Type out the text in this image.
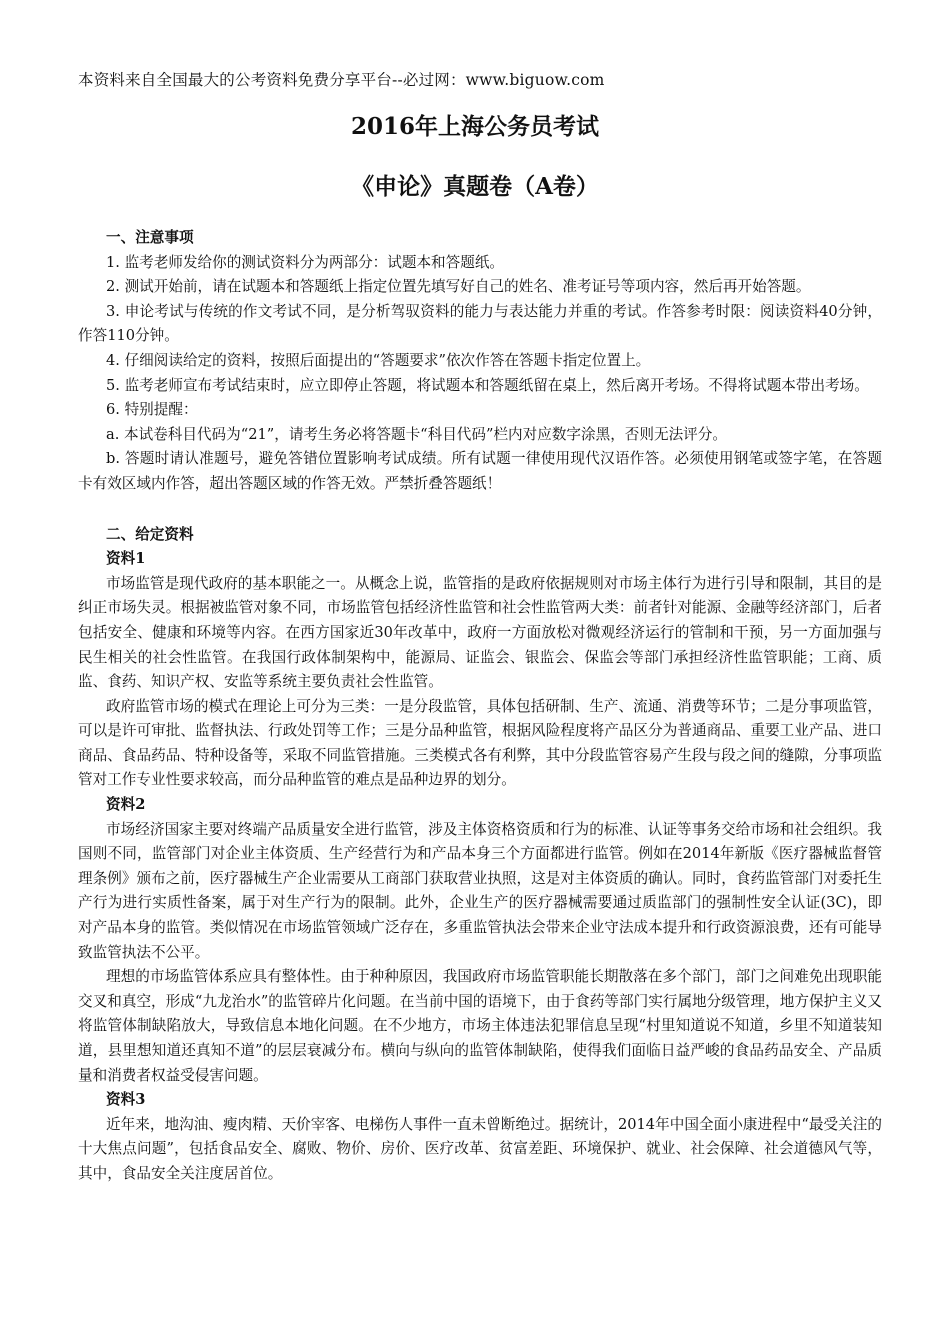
本资料来自全国最大的公考资料免费分享平台--必过网：www.biguow.com
2016年上海公务员考试
《申论》真题卷（A卷）

一、注意事项

1. 监考老师发给你的测试资料分为两部分：试题本和答题纸。

2. 测试开始前，请在试题本和答题纸上指定位置先填写好自己的姓名、准考证号等项内容，然后再开始答题。

3. 申论考试与传统的作文考试不同，是分析驾驭资料的能力与表达能力并重的考试。作答参考时限：阅读资料40分钟，作答110分钟。

4. 仔细阅读给定的资料，按照后面提出的“答题要求”依次作答在答题卡指定位置上。

5. 监考老师宣布考试结束时，应立即停止答题，将试题本和答题纸留在桌上，然后离开考场。不得将试题本带出考场。

6. 特别提醒：

a. 本试卷科目代码为“21”，请考生务必将答题卡“科目代码”栏内对应数字涂黑，否则无法评分。

b. 答题时请认准题号，避免答错位置影响考试成绩。所有试题一律使用现代汉语作答。必须使用钢笔或签字笔，在答题卡有效区域内作答，超出答题区域的作答无效。严禁折叠答题纸！

二、给定资料

资料1

市场监管是现代政府的基本职能之一。从概念上说，监管指的是政府依据规则对市场主体行为进行引导和限制，其目的是纠正市场失灵。根据被监管对象不同，市场监管包括经济性监管和社会性监管两大类：前者针对能源、金融等经济部门，后者包括安全、健康和环境等内容。在西方国家近30年改革中，政府一方面放松对微观经济运行的管制和干预，另一方面加强与民生相关的社会性监管。在我国行政体制架构中，能源局、证监会、银监会、保监会等部门承担经济性监管职能；工商、质监、食药、知识产权、安监等系统主要负责社会性监管。

政府监管市场的模式在理论上可分为三类：一是分段监管，具体包括研制、生产、流通、消费等环节；二是分事项监管，可以是许可审批、监督执法、行政处罚等工作；三是分品种监管，根据风险程度将产品区分为普通商品、重要工业产品、进口商品、食品药品、特种设备等，采取不同监管措施。三类模式各有利弊，其中分段监管容易产生段与段之间的缝隙，分事项监管对工作专业性要求较高，而分品种监管的难点是品种边界的划分。

资料2

市场经济国家主要对终端产品质量安全进行监管，涉及主体资格资质和行为的标准、认证等事务交给市场和社会组织。我国则不同，监管部门对企业主体资质、生产经营行为和产品本身三个方面都进行监管。例如在2014年新版《医疗器械监督管理条例》颁布之前，医疗器械生产企业需要从工商部门获取营业执照，这是对主体资质的确认。同时，食药监管部门对委托生产行为进行实质性备案，属于对生产行为的限制。此外，企业生产的医疗器械需要通过质监部门的强制性安全认证(3C)，即对产品本身的监管。类似情况在市场监管领域广泛存在，多重监管执法会带来企业守法成本提升和行政资源浪费，还有可能导致监管执法不公平。

理想的市场监管体系应具有整体性。由于种种原因，我国政府市场监管职能长期散落在多个部门，部门之间难免出现职能交叉和真空，形成“九龙治水”的监管碎片化问题。在当前中国的语境下，由于食药等部门实行属地分级管理，地方保护主义又将监管体制缺陷放大，导致信息本地化问题。在不少地方，市场主体违法犯罪信息呈现“村里知道说不知道，乡里不知道装知道，县里想知道还真知不道”的层层衰减分布。横向与纵向的监管体制缺陷，使得我们面临日益严峻的食品药品安全、产品质量和消费者权益受侵害问题。

资料3

近年来，地沟油、瘦肉精、天价宰客、电梯伤人事件一直未曾断绝过。据统计，2014年中国全面小康进程中“最受关注的十大焦点问题”，包括食品安全、腐败、物价、房价、医疗改革、贫富差距、环境保护、就业、社会保障、社会道德风气等，其中，食品安全关注度居首位。
